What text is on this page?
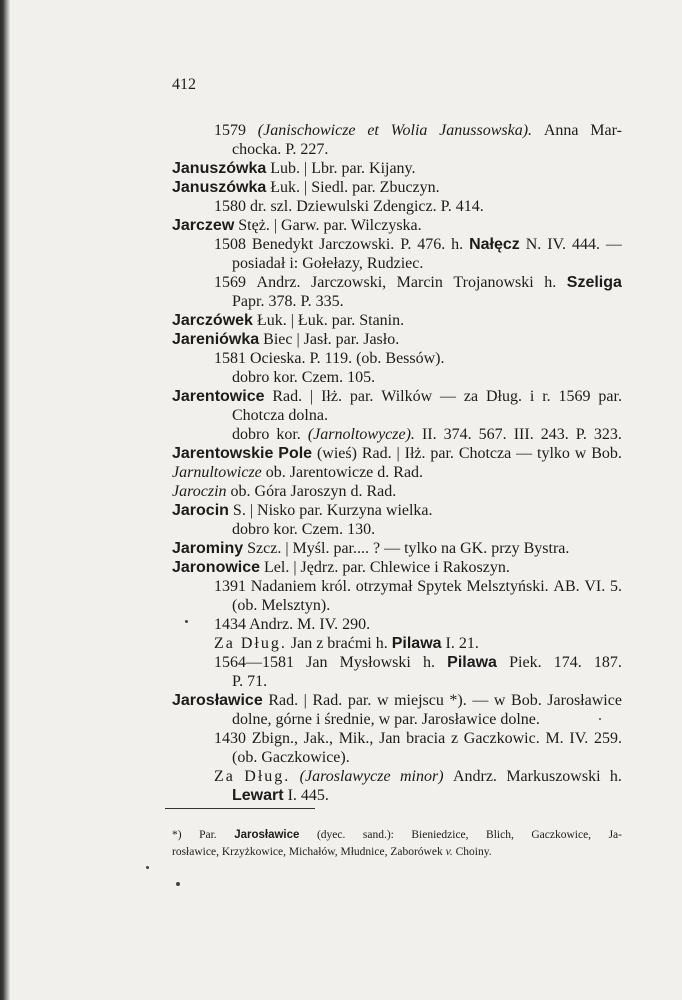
412
1579 (Janischowicze et Wolia Janussowska). Anna Mar-
chocka. P. 227.
Januszówka Lub. | Lbr. par. Kijany.
Januszówka Łuk. | Siedl. par. Zbuczyn.
1580 dr. szl. Dziewulski Zdengicz. P. 414.
Jarczew Stęż. | Garw. par. Wilczyska.
1508 Benedykt Jarczowski. P. 476. h. Nałęcz N. IV. 444. —
posiadał i: Gołełazy, Rudziec.
1569 Andrz. Jarczowski, Marcin Trojanowski h. Szeliga
Papr. 378. P. 335.
Jarczówek Łuk. | Łuk. par. Stanin.
Jareniówka Biec | Jasł. par. Jasło.
1581 Ocieska. P. 119. (ob. Bessów).
dobro kor. Czem. 105.
Jarentowice Rad. | Iłż. par. Wilków — za Dług. i r. 1569 par.
Chotcza dolna.
dobro kor. (Jarnoltowycze). II. 374. 567. III. 243. P. 323.
Jarentowskie Pole (wieś) Rad. | Iłż. par. Chotcza — tylko w Bob.
Jarnultowicze ob. Jarentowicze d. Rad.
Jaroczin ob. Góra Jaroszyn d. Rad.
Jarocin S. | Nisko par. Kurzyna wielka.
dobro kor. Czem. 130.
Jarominy Szcz. | Myśl. par.... ? — tylko na GK. przy Bystra.
Jaronowice Lel. | Jędrz. par. Chlewice i Rakoszyn.
1391 Nadaniem król. otrzymał Spytek Melsztyński. AB. VI. 5.
(ob. Melsztyn).
1434 Andrz. M. IV. 290.
Za Dług. Jan z braćmi h. Pilawa I. 21.
1564—1581 Jan Mysłowski h. Pilawa Piek. 174. 187.
P. 71.
Jarosławice Rad. | Rad. par. w miejscu *). — w Bob. Jarosławice
dolne, górne i średnie, w par. Jarosławice dolne.
1430 Zbign., Jak., Mik., Jan bracia z Gaczkowic. M. IV. 259.
(ob. Gaczkowice).
Za Dług. (Jaroslawycze minor) Andrz. Markuszowski h.
Lewart I. 445.
*) Par. Jarosławice (dyec. sand.): Bieniedzice, Blich, Gaczkowice, Ja-
rosławice, Krzyżkowice, Michałów, Młudnice, Zaborówek v. Choiny.
